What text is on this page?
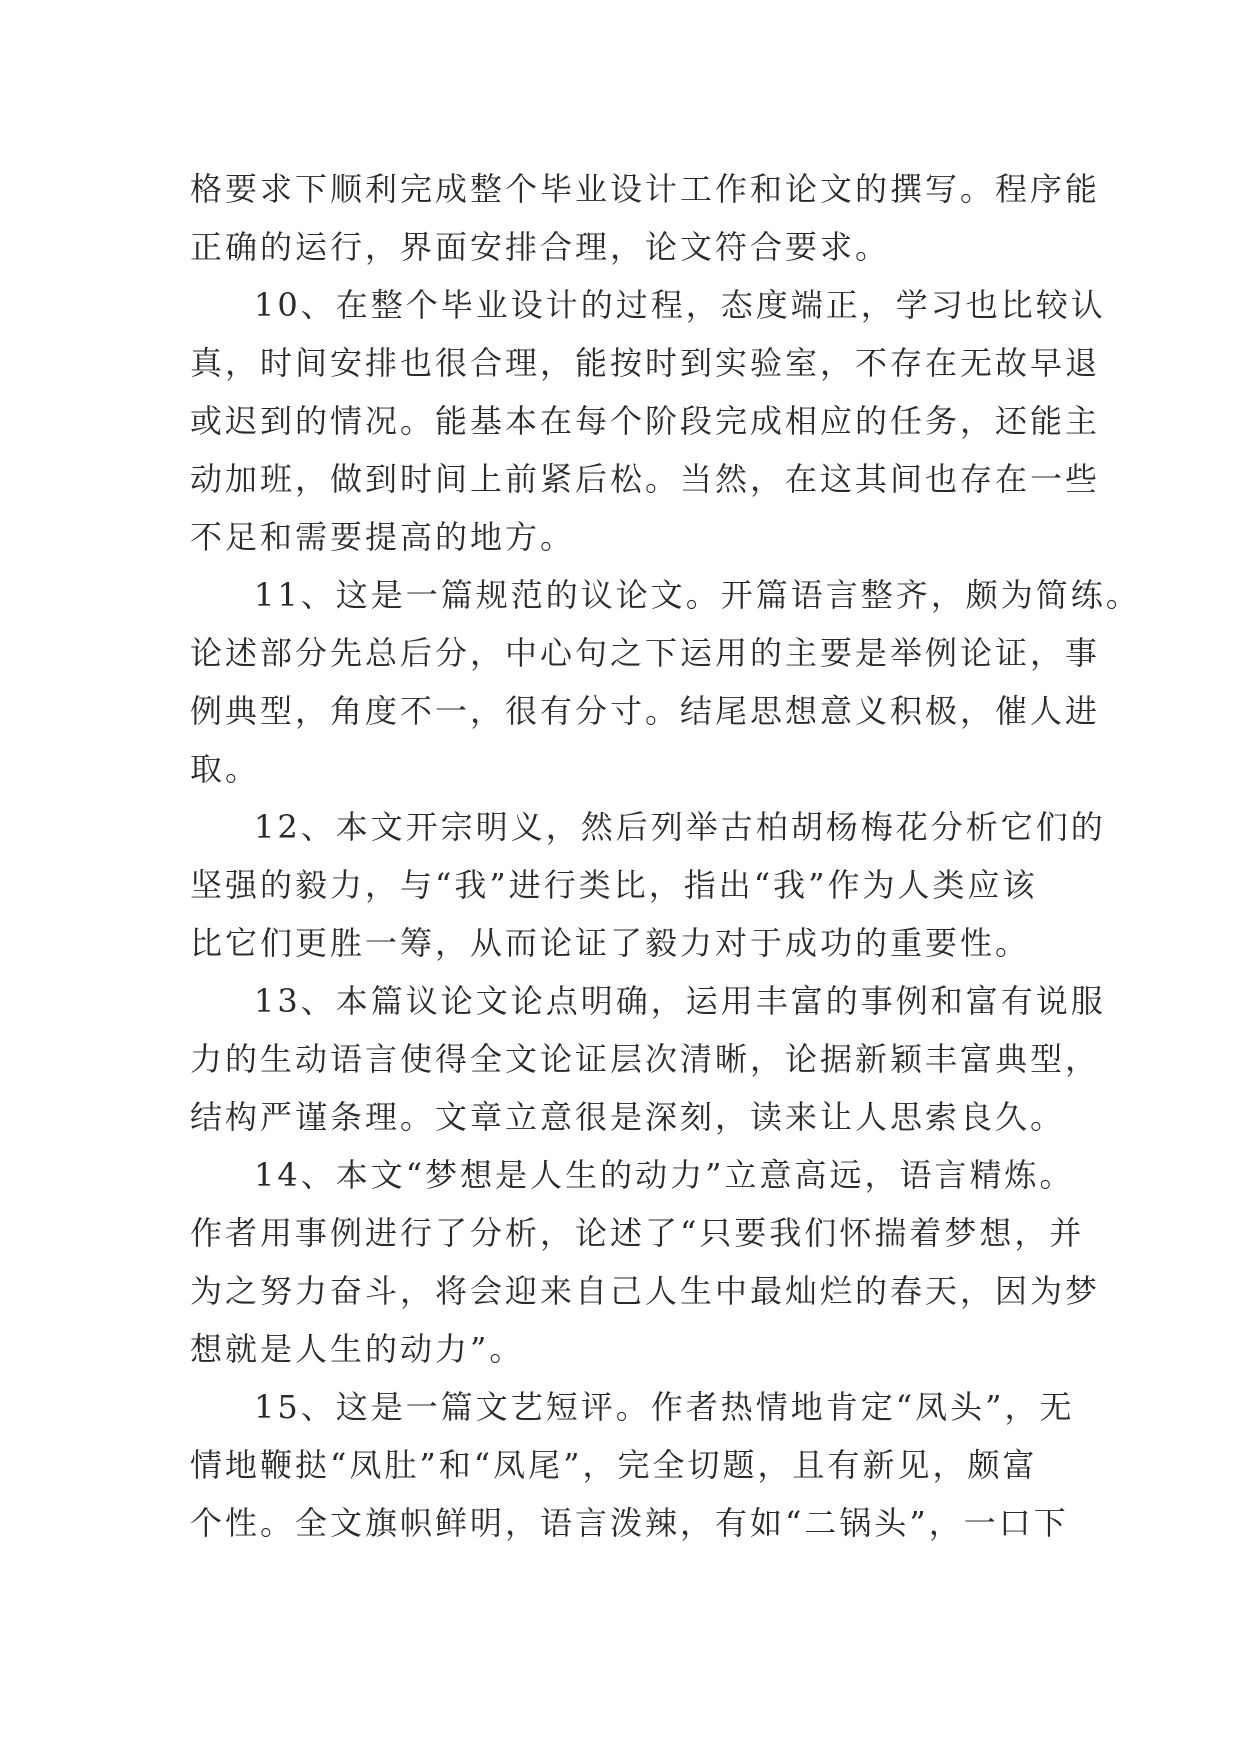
格要求下顺利完成整个毕业设计工作和论文的撰写。程序能
正确的运行，界面安排合理，论文符合要求。
10、在整个毕业设计的过程，态度端正，学习也比较认
真，时间安排也很合理，能按时到实验室，不存在无故早退
或迟到的情况。能基本在每个阶段完成相应的任务，还能主
动加班，做到时间上前紧后松。当然，在这其间也存在一些
不足和需要提高的地方。
11、这是一篇规范的议论文。开篇语言整齐，颇为简练。
论述部分先总后分，中心句之下运用的主要是举例论证，事
例典型，角度不一，很有分寸。结尾思想意义积极，催人进
取。
12、本文开宗明义，然后列举古柏胡杨梅花分析它们的
坚强的毅力，与“我”进行类比，指出“我”作为人类应该
比它们更胜一筹，从而论证了毅力对于成功的重要性。
13、本篇议论文论点明确，运用丰富的事例和富有说服
力的生动语言使得全文论证层次清晰，论据新颖丰富典型，
结构严谨条理。文章立意很是深刻，读来让人思索良久。
14、本文“梦想是人生的动力”立意高远，语言精炼。
作者用事例进行了分析，论述了“只要我们怀揣着梦想，并
为之努力奋斗，将会迎来自己人生中最灿烂的春天，因为梦
想就是人生的动力”。
15、这是一篇文艺短评。作者热情地肯定“凤头”，无
情地鞭挞“凤肚”和“凤尾”，完全切题，且有新见，颇富
个性。全文旗帜鲜明，语言泼辣，有如“二锅头”，一口下
